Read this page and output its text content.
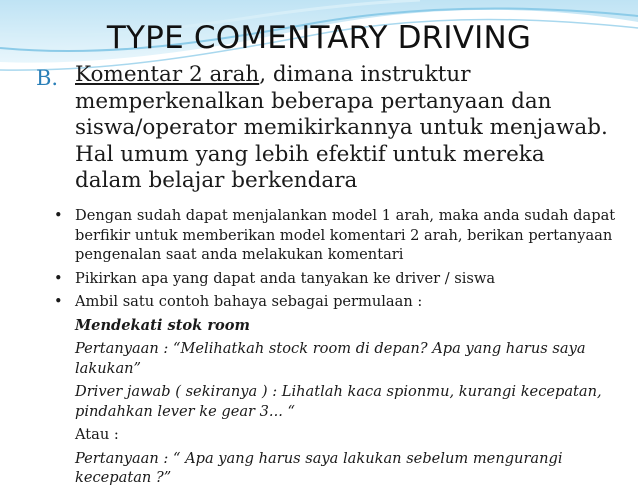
TYPE COMENTARY DRIVING
B. Komentar 2 arah, dimana instruktur memperkenalkan beberapa pertanyaan dan siswa/operator memikirkannya untuk menjawab. Hal umum yang lebih efektif untuk mereka dalam belajar berkendara
• Dengan sudah dapat menjalankan model 1 arah, maka anda sudah dapat berfikir untuk memberikan model komentari 2 arah, berikan pertanyaan pengenalan saat anda melakukan komentari
• Pikirkan apa yang dapat anda tanyakan ke driver / siswa
• Ambil satu contoh bahaya sebagai permulaan :
Mendekati stok room
Pertanyaan : “Melihatkah stock room di depan? Apa yang harus saya lakukan”
Driver jawab ( sekiranya ) : Lihatlah kaca spionmu, kurangi kecepatan, pindahkan lever ke gear 3... “
Atau :
Pertanyaan : “ Apa yang harus saya lakukan sebelum mengurangi kecepatan ?”
